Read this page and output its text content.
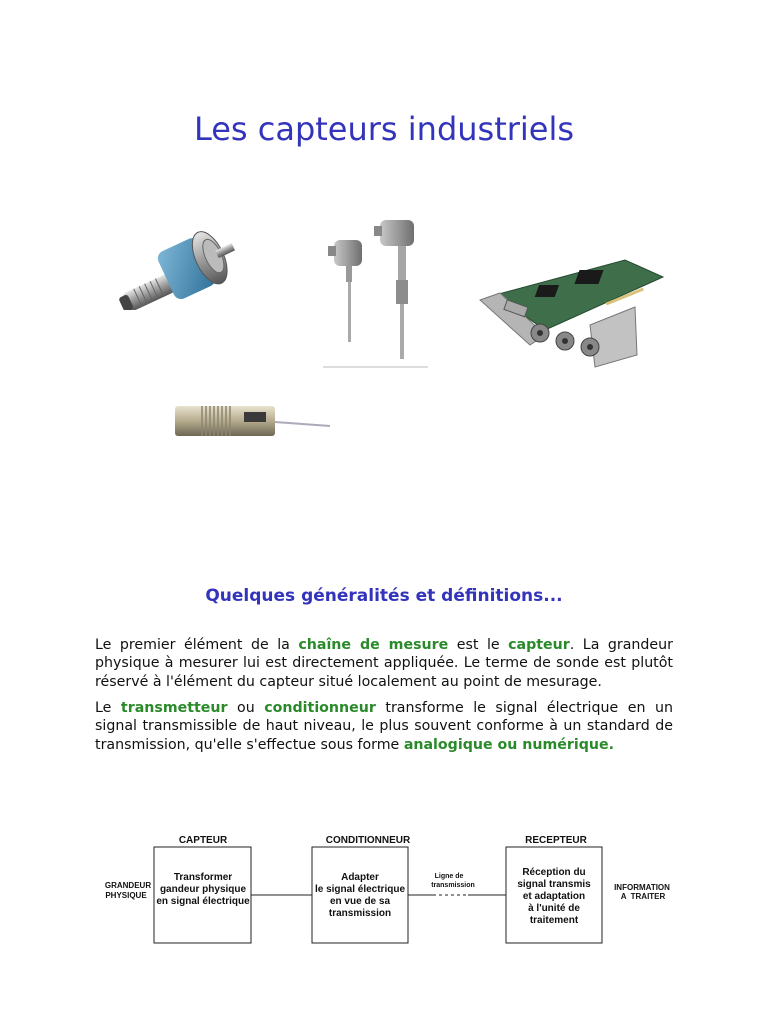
Les capteurs industriels
Quelques généralités et définitions...

Le premier élément de la chaîne de mesure est le capteur. La grandeur physique à mesurer lui est directement appliquée. Le terme de sonde est plutôt réservé à l'élément du capteur situé localement au point de mesurage.

Le transmetteur ou conditionneur transforme le signal électrique en un signal transmissible de haut niveau, le plus souvent conforme à un standard de transmission, qu'elle s'effectue sous forme analogique ou numérique.

GRANDEUR
PHYSIQUE
CAPTEUR
Transformer
gandeur physique
en signal électrique
CONDITIONNEUR
Adapter
le signal électrique
en vue de sa
transmission
Ligne de
transmission
RECEPTEUR
Réception du
signal transmis
et adaptation
à l'unité de
traitement
INFORMATION
A  TRAITER
